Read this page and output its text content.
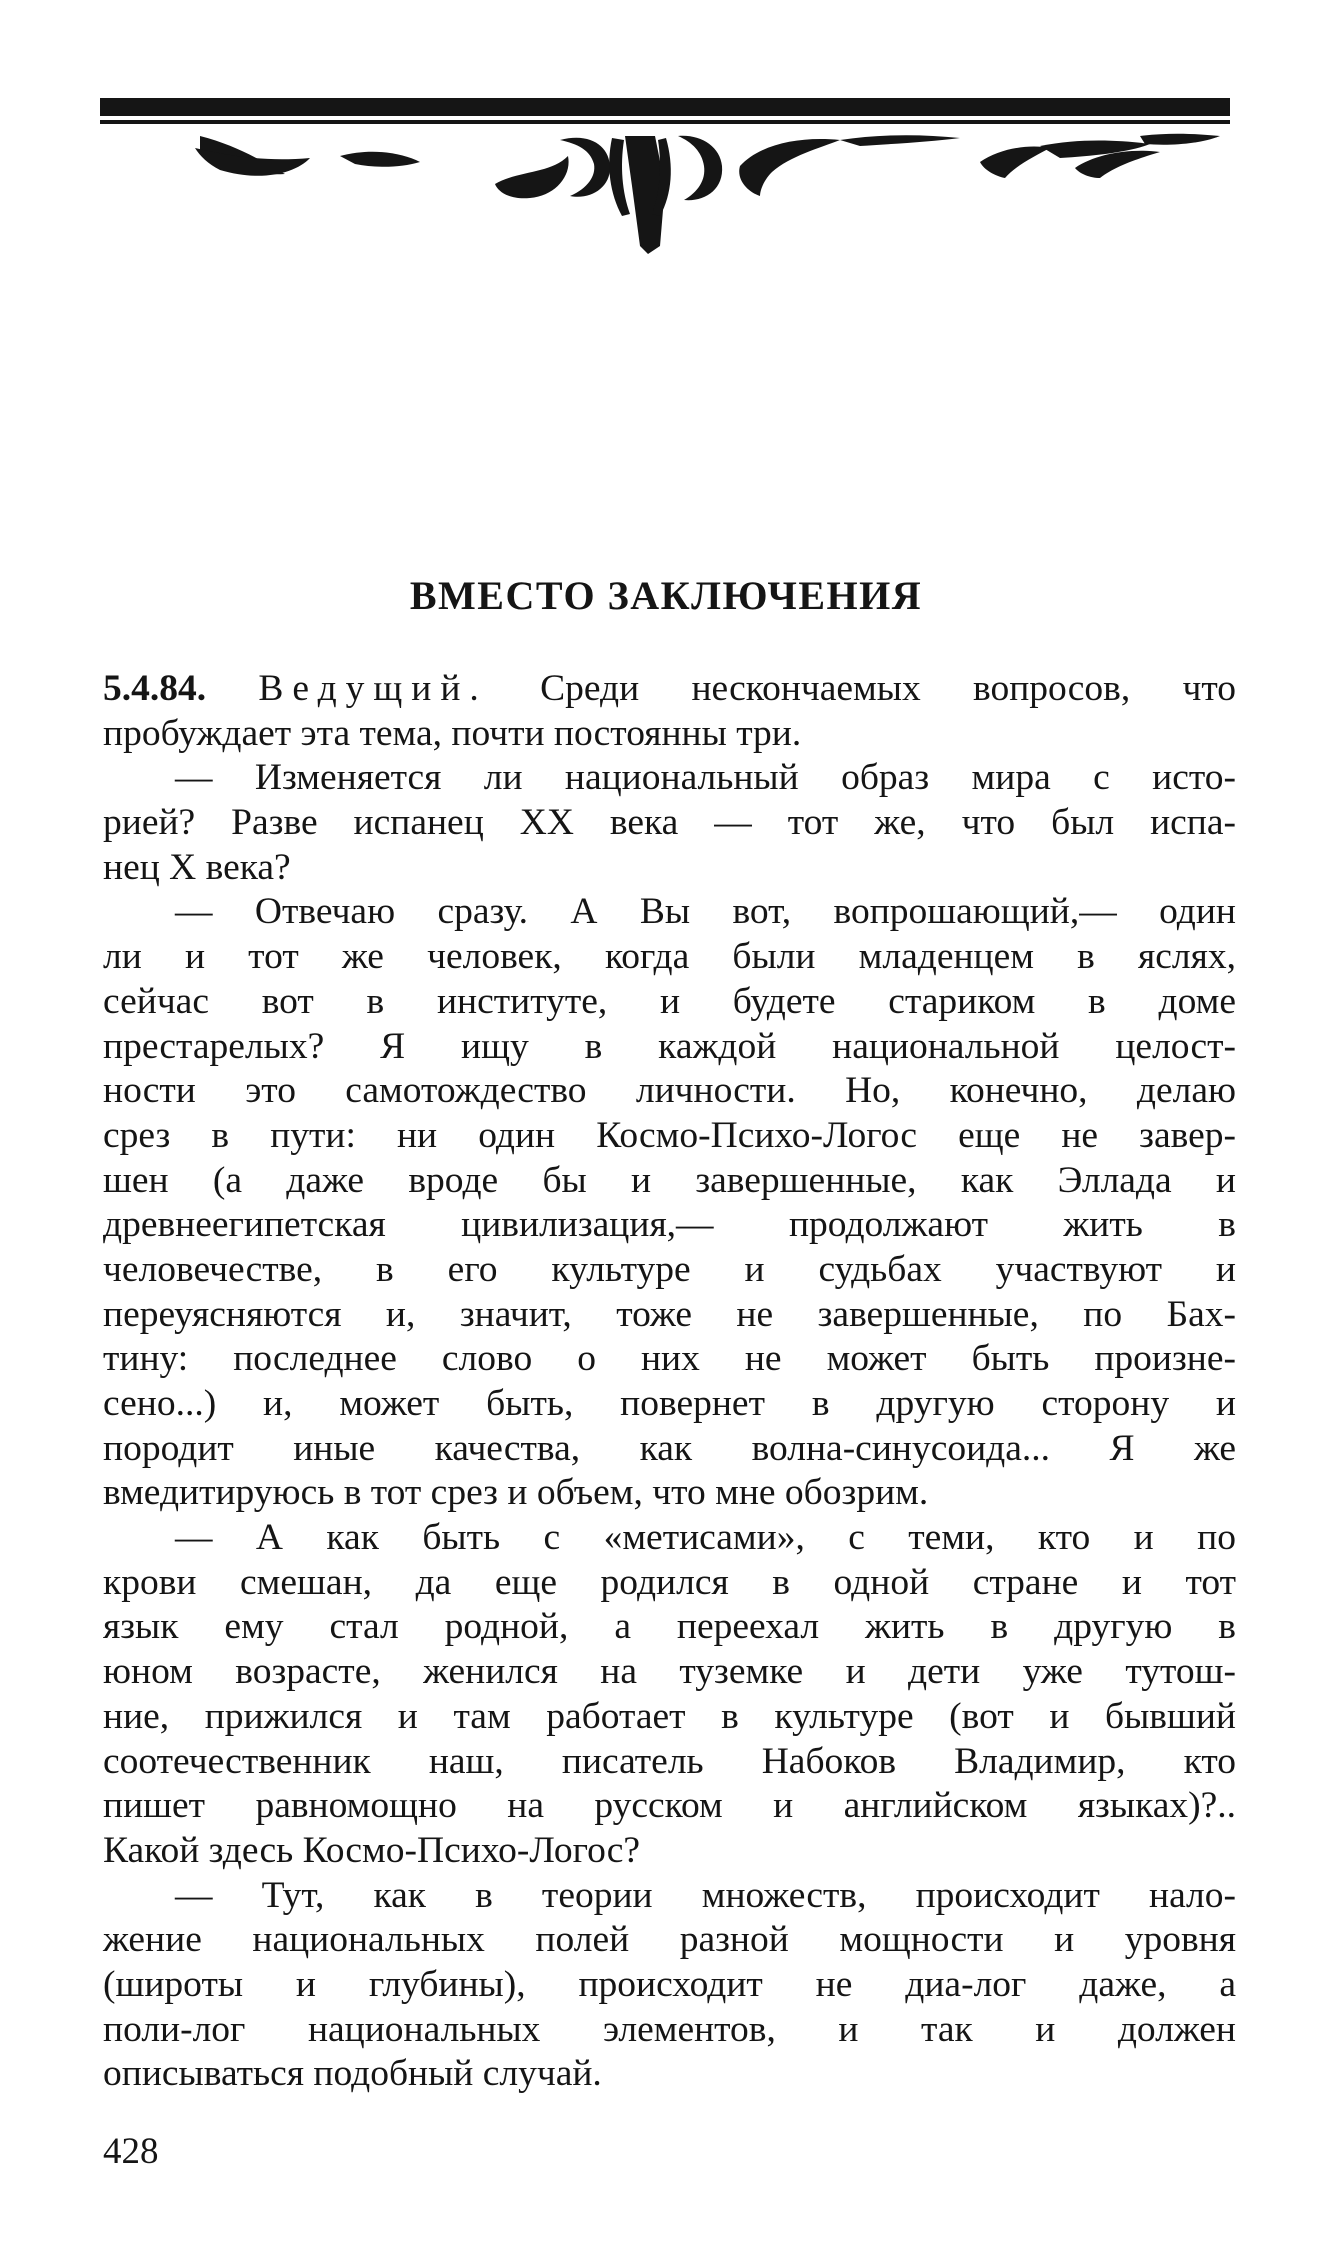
ВМЕСТО ЗАКЛЮЧЕНИЯ
5.4.84. Ведущий. Среди нескончаемых вопросов, что
пробуждает эта тема, почти постоянны три.
— Изменяется ли национальный образ мира с исто-
рией? Разве испанец XX века — тот же, что был испа-
нец X века?
— Отвечаю сразу. А Вы вот, вопрошающий,— один
ли и тот же человек, когда были младенцем в яслях,
сейчас вот в институте, и будете стариком в доме
престарелых? Я ищу в каждой национальной целост-
ности это самотождество личности. Но, конечно, делаю
срез в пути: ни один Космо-Психо-Логос еще не завер-
шен (а даже вроде бы и завершенные, как Эллада и
древнеегипетская цивилизация,— продолжают жить в
человечестве, в его культуре и судьбах участвуют и
переуясняются и, значит, тоже не завершенные, по Бах-
тину: последнее слово о них не может быть произне-
сено...) и, может быть, повернет в другую сторону и
породит иные качества, как волна-синусоида... Я же
вмедитируюсь в тот срез и объем, что мне обозрим.
— А как быть с «метисами», с теми, кто и по
крови смешан, да еще родился в одной стране и тот
язык ему стал родной, а переехал жить в другую в
юном возрасте, женился на туземке и дети уже тутош-
ние, прижился и там работает в культуре (вот и бывший
соотечественник наш, писатель Набоков Владимир, кто
пишет равномощно на русском и английском языках)?..
Какой здесь Космо-Психо-Логос?
— Тут, как в теории множеств, происходит нало-
жение национальных полей разной мощности и уровня
(широты и глубины), происходит не диа-лог даже, а
поли-лог национальных элементов, и так и должен
описываться подобный случай.
428
